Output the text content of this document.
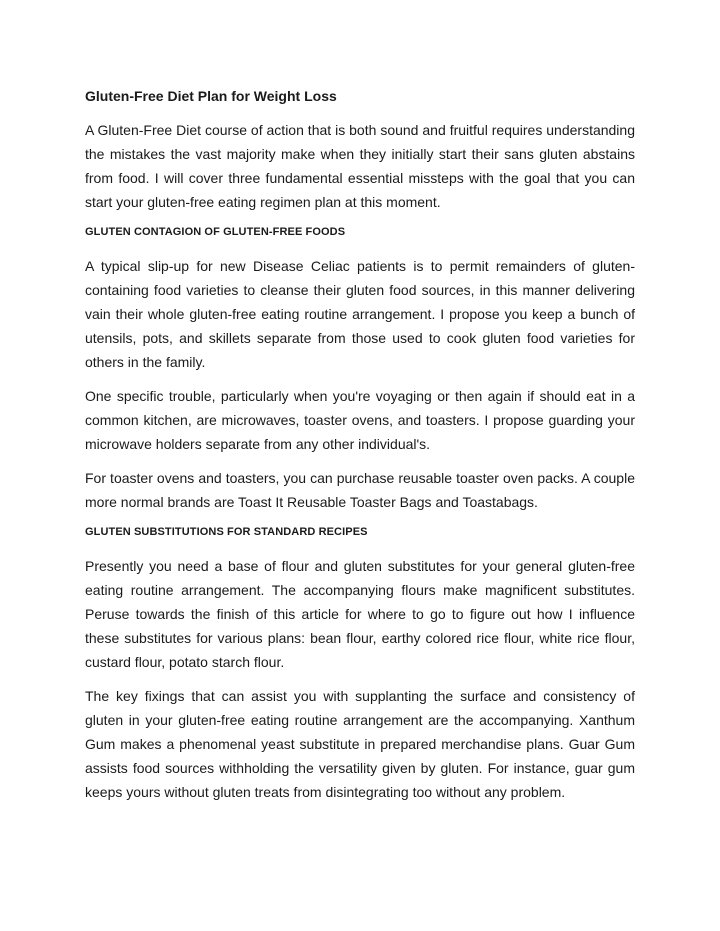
Gluten-Free Diet Plan for Weight Loss

A Gluten-Free Diet course of action that is both sound and fruitful requires understanding the mistakes the vast majority make when they initially start their sans gluten abstains from food. I will cover three fundamental essential missteps with the goal that you can start your gluten-free eating regimen plan at this moment.

GLUTEN CONTAGION OF GLUTEN-FREE FOODS

A typical slip-up for new Disease Celiac patients is to permit remainders of gluten-containing food varieties to cleanse their gluten food sources, in this manner delivering vain their whole gluten-free eating routine arrangement. I propose you keep a bunch of utensils, pots, and skillets separate from those used to cook gluten food varieties for others in the family.

One specific trouble, particularly when you're voyaging or then again if should eat in a common kitchen, are microwaves, toaster ovens, and toasters. I propose guarding your microwave holders separate from any other individual's.

For toaster ovens and toasters, you can purchase reusable toaster oven packs. A couple more normal brands are Toast It Reusable Toaster Bags and Toastabags.

GLUTEN SUBSTITUTIONS FOR STANDARD RECIPES

Presently you need a base of flour and gluten substitutes for your general gluten-free eating routine arrangement. The accompanying flours make magnificent substitutes. Peruse towards the finish of this article for where to go to figure out how I influence these substitutes for various plans: bean flour, earthy colored rice flour, white rice flour, custard flour, potato starch flour.

The key fixings that can assist you with supplanting the surface and consistency of gluten in your gluten-free eating routine arrangement are the accompanying. Xanthum Gum makes a phenomenal yeast substitute in prepared merchandise plans. Guar Gum assists food sources withholding the versatility given by gluten. For instance, guar gum keeps yours without gluten treats from disintegrating too without any problem.
